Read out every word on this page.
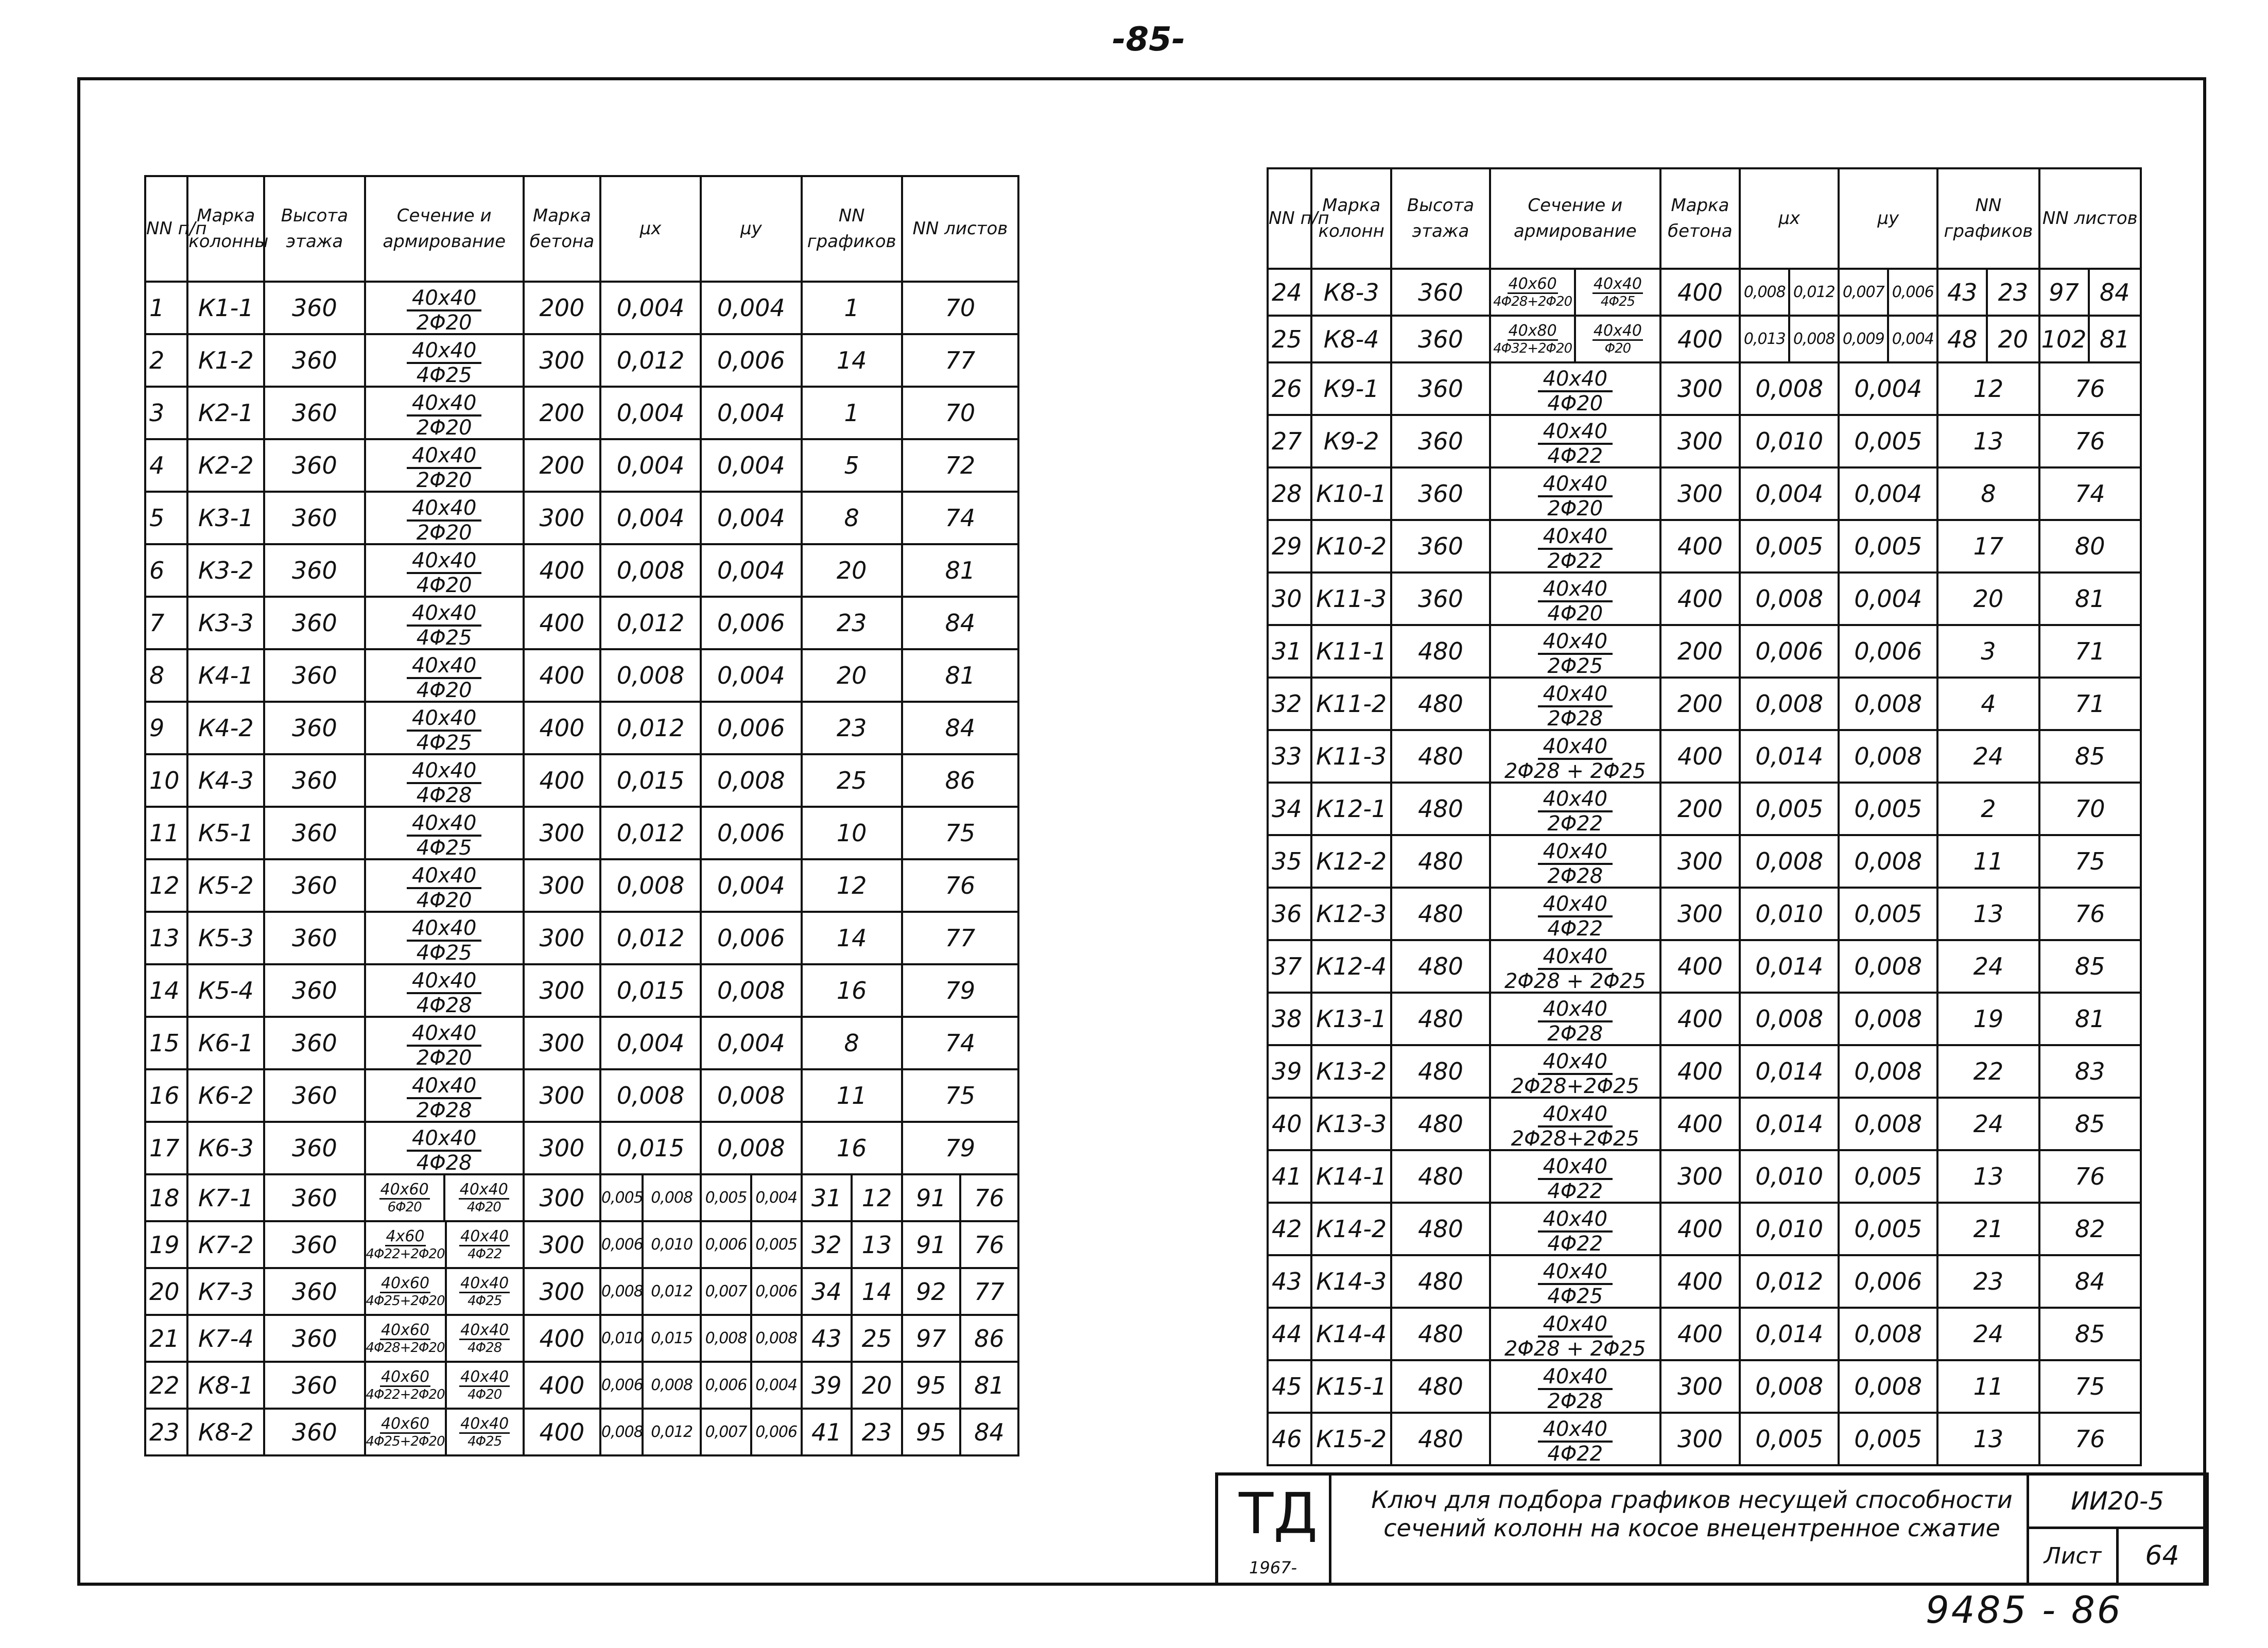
-85-
NN п/п	Марка колонны	Высота этажа	Сечение и армирование	Марка бетона	μx		μy		NN графиков		NN листов	
1	К1-1	360	$\frac{40x40}{2\Phi 20}$	200	0,004		0,004		1		70	
2	К1-2	360	$\frac{40x40}{4\Phi 25}$	300	0,012		0,006		14		77	
3	К2-1	360	$\frac{40x40}{2\Phi 20}$	200	0,004		0,004		1		70	
4	К2-2	360	$\frac{40x40}{2\Phi 20}$	200	0,004		0,004		5		72	
5	К3-1	360	$\frac{40x40}{2\Phi 20}$	300	0,004		0,004		8		74	
6	К3-2	360	$\frac{40x40}{4\Phi 20}$	400	0,008		0,004		20		81	
7	К3-3	360	$\frac{40x40}{4\Phi 25}$	400	0,012		0,006		23		84	
8	К4-1	360	$\frac{40x40}{4\Phi 20}$	400	0,008		0,004		20		81	
9	К4-2	360	$\frac{40x40}{4\Phi 25}$	400	0,012		0,006		23		84	
10	К4-3	360	$\frac{40x40}{4\Phi 28}$	400	0,015		0,008		25		86	
11	К5-1	360	$\frac{40x40}{4\Phi 25}$	300	0,012		0,006		10		75	
12	К5-2	360	$\frac{40x40}{4\Phi 20}$	300	0,008		0,004		12		76	
13	К5-3	360	$\frac{40x40}{4\Phi 25}$	300	0,012		0,006		14		77	
14	К5-4	360	$\frac{40x40}{4\Phi 28}$	300	0,015		0,008		16		79	
15	К6-1	360	$\frac{40x40}{2\Phi 20}$	300	0,004		0,004		8		74	
16	К6-2	360	$\frac{40x40}{2\Phi 28}$	300	0,008		0,008		11		75	
17	К6-3	360	$\frac{40x40}{4\Phi 28}$	300	0,015		0,008		16		79	
18	К7-1	360	$\frac{40x60}{6\Phi 20} \frac{40x40}{4\Phi 20}$	300	0,005	0,008	0,005	0,004	31	12	91	76
19	К7-2	360	$\frac{4x60}{4\Phi 22+2\Phi 20} \frac{40x40}{4\Phi 22}$	300	0,006	0,010	0,006	0,005	32	13	91	76
20	К7-3	360	$\frac{40x60}{4\Phi 25+2\Phi 20} \frac{40x40}{4\Phi 25}$	300	0,008	0,012	0,007	0,006	34	14	92	77
21	К7-4	360	$\frac{40x60}{4\Phi 28+2\Phi 20} \frac{40x40}{4\Phi 28}$	400	0,010	0,015	0,008	0,008	43	25	97	86
22	К8-1	360	$\frac{40x60}{4\Phi 22+2\Phi 20} \frac{40x40}{4\Phi 20}$	400	0,006	0,008	0,006	0,004	39	20	95	81
23	К8-2	360	$\frac{40x60}{4\Phi 25+2\Phi 20} \frac{40x40}{4\Phi 25}$	400	0,008	0,012	0,007	0,006	41	23	95	84
NN п/п	Марка колонн	Высота этажа	Сечение и армирование	Марка бетона	μx		μy		NN графиков		NN листов	
24	К8-3	360	$\frac{40x60}{4\Phi 28+2\Phi 20} \frac{40x40}{4\Phi 25}$	400	0,008	0,012	0,007	0,006	43	23	97	84
25	К8-4	360	$\frac{40x80}{4\Phi 32+2\Phi 20} \frac{40x40}{\Phi 20}$	400	0,013	0,008	0,009	0,004	48	20	102	81
26	К9-1	360	$\frac{40x40}{4\Phi 20}$	300	0,008		0,004		12		76	
27	К9-2	360	$\frac{40x40}{4\Phi 22}$	300	0,010		0,005		13		76	
28	К10-1	360	$\frac{40x40}{2\Phi 20}$	300	0,004		0,004		8		74	
29	К10-2	360	$\frac{40x40}{2\Phi 22}$	400	0,005		0,005		17		80	
30	К11-3	360	$\frac{40x40}{4\Phi 20}$	400	0,008		0,004		20		81	
31	К11-1	480	$\frac{40x40}{2\Phi 25}$	200	0,006		0,006		3		71	
32	К11-2	480	$\frac{40x40}{2\Phi 28}$	200	0,008		0,008		4		71	
33	К11-3	480	$\frac{40x40}{2\Phi 28 + 2\Phi 25}$	400	0,014		0,008		24		85	
34	К12-1	480	$\frac{40x40}{2\Phi 22}$	200	0,005		0,005		2		70	
35	К12-2	480	$\frac{40x40}{2\Phi 28}$	300	0,008		0,008		11		75	
36	К12-3	480	$\frac{40x40}{4\Phi 22}$	300	0,010		0,005		13		76	
37	К12-4	480	$\frac{40x40}{2\Phi 28 + 2\Phi 25}$	400	0,014		0,008		24		85	
38	К13-1	480	$\frac{40x40}{2\Phi 28}$	400	0,008		0,008		19		81	
39	К13-2	480	$\frac{40x40}{2\Phi 28+2\Phi 25}$	400	0,014		0,008		22		83	
40	К13-3	480	$\frac{40x40}{2\Phi 28+2\Phi 25}$	400	0,014		0,008		24		85	
41	К14-1	480	$\frac{40x40}{4\Phi 22}$	300	0,010		0,005		13		76	
42	К14-2	480	$\frac{40x40}{4\Phi 22}$	400	0,010		0,005		21		82	
43	К14-3	480	$\frac{40x40}{4\Phi 25}$	400	0,012		0,006		23		84	
44	К14-4	480	$\frac{40x40}{2\Phi 28 + 2\Phi 25}$	400	0,014		0,008		24		85	
45	К15-1	480	$\frac{40x40}{2\Phi 28}$	300	0,008		0,008		11		75	
46	К15-2	480	$\frac{40x40}{4\Phi 22}$	300	0,005		0,005		13		76	
ТД
1967-
Ключ для подбора графиков несущей способности сечений колонн на косое внецентренное сжатие
ИИ20-5
Лист	64
9485 - 86
